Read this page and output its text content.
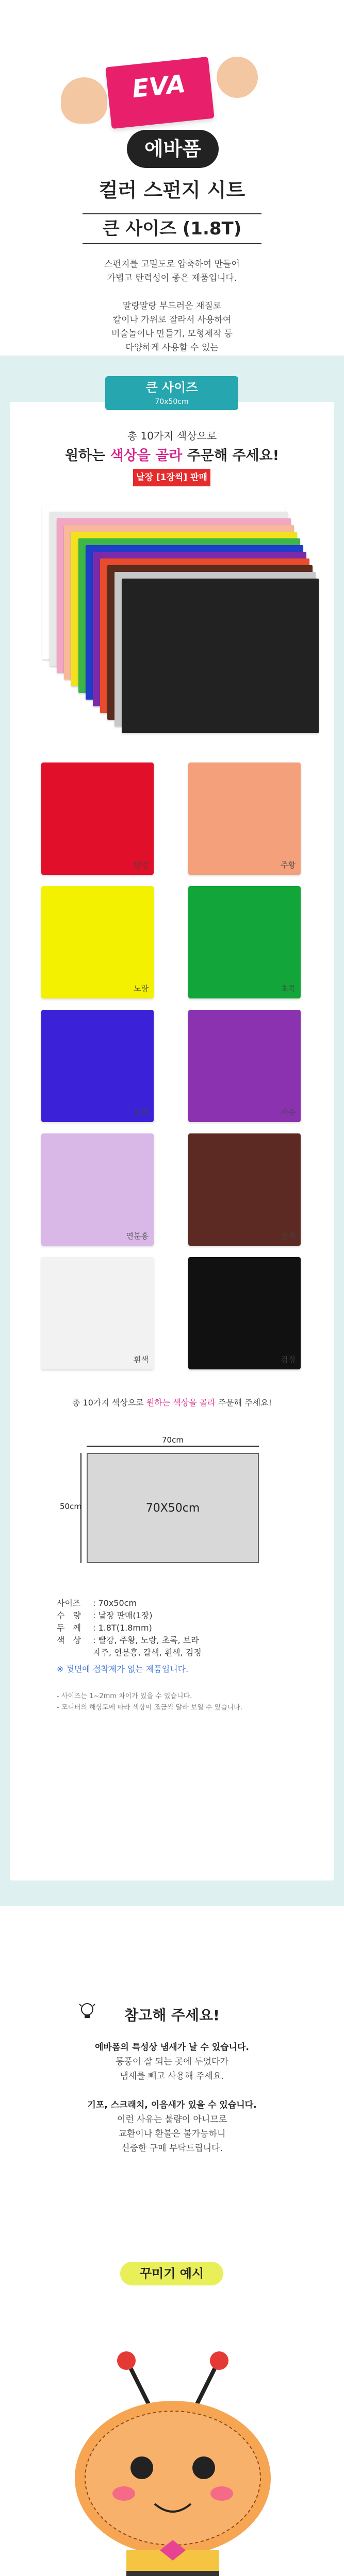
EVA
에바폼
컬러 스펀지 시트
큰 사이즈 (1.8T)

스펀지를 고밀도로 압축하여 만들어

가볍고 탄력성이 좋은 제품입니다.

말랑말랑 부드러운 재질로

칼이나 가위로 잘라서 사용하여

미술놀이나 만들기, 모형제작 등

다양하게 사용할 수 있는

총 10가지 색상으로
원하는 색상을 골라 주문해 주세요!
낱장 [1장씩] 판매
빨강	주황
노랑	초록
보라	자주
연분홍	갈색
흰색	검정
총 10가지 색상으로 원하는 색상을 골라 주문해 주세요!
70cm
50cm	70X50cm
사이즈	: 70x50cm
수　량	: 낱장 판매(1장)
두　께	: 1.8T(1.8mm)
색　상	: 빨강, 주황, 노랑, 초록, 보라
자주, 연분홍, 갈색, 흰색, 검정
※ 뒷면에 접착제가 없는 제품입니다.
- 사이즈는 1~2mm 차이가 있을 수 있습니다.
- 모니터의 해상도에 따라 색상이 조금씩 달라 보일 수 있습니다.
큰 사이즈
70x50cm
참고해 주세요!

에바폼의 특성상 냄새가 날 수 있습니다.

통풍이 잘 되는 곳에 두었다가

냄새를 빼고 사용해 주세요.

기포, 스크래치, 이음새가 있을 수 있습니다.

이런 사유는 불량이 아니므로

교환이나 환불은 불가능하니

신중한 구매 부탁드립니다.

꾸미기 예시
